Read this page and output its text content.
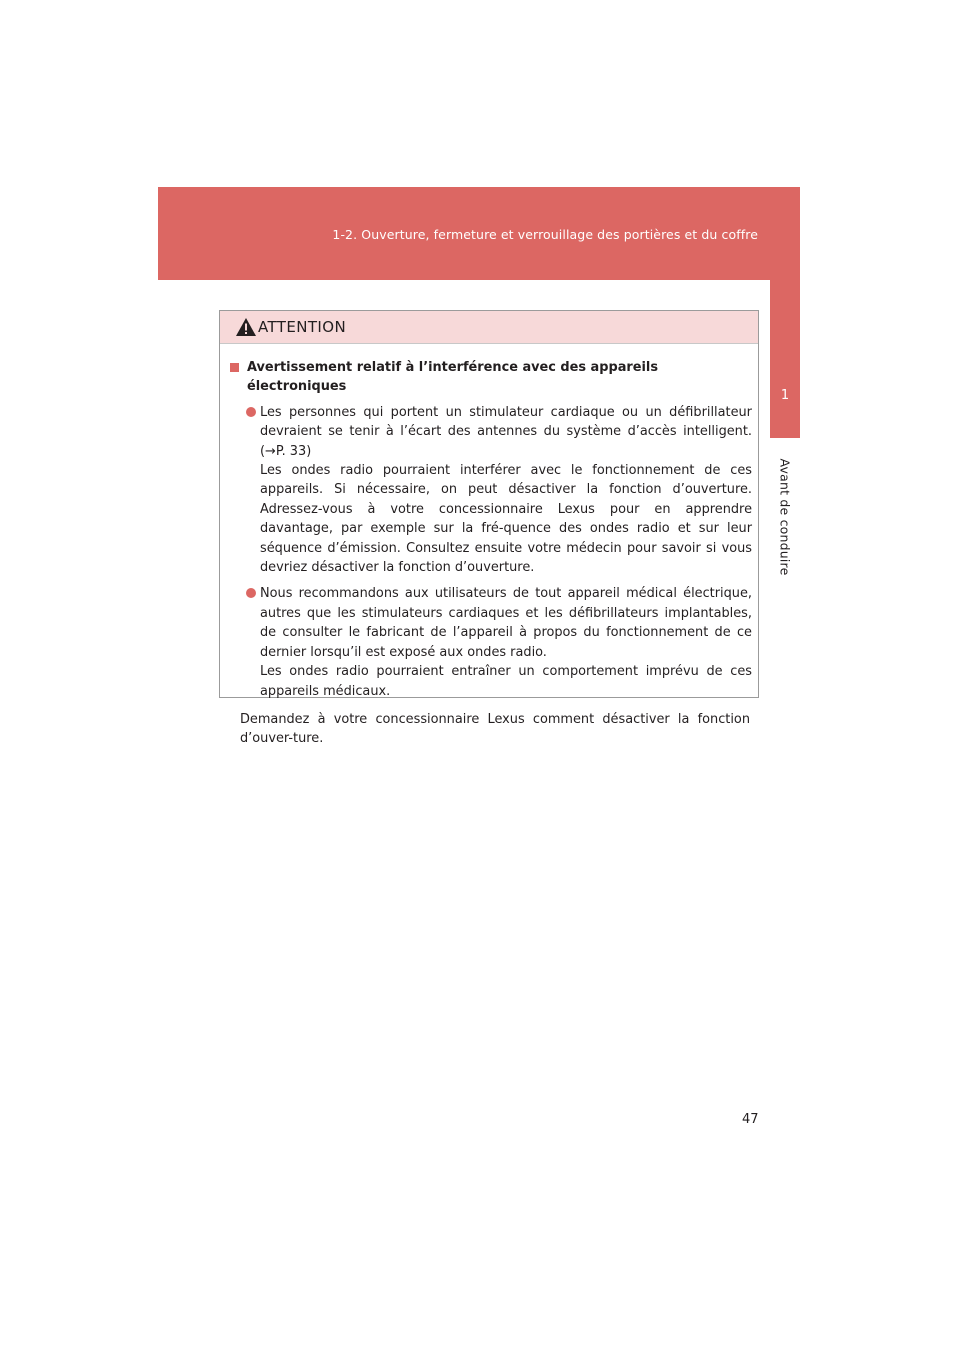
1-2. Ouverture, fermeture et verrouillage des portières et du coffre
1
Avant de conduire
ATTENTION
Avertissement relatif à l’interférence avec des appareils électroniques

Les personnes qui portent un stimulateur cardiaque ou un défibrillateur devraient se tenir à l’écart des antennes du système d’accès intelligent. (→P. 33)

Les ondes radio pourraient interférer avec le fonctionnement de ces appareils. Si nécessaire, on peut désactiver la fonction d’ouverture. Adressez-vous à votre concessionnaire Lexus pour en apprendre davantage, par exemple sur la fré-quence des ondes radio et sur leur séquence d’émission. Consultez ensuite votre médecin pour savoir si vous devriez désactiver la fonction d’ouverture.

Nous recommandons aux utilisateurs de tout appareil médical électrique, autres que les stimulateurs cardiaques et les défibrillateurs implantables, de consulter le fabricant de l’appareil à propos du fonctionnement de ce dernier lorsqu’il est exposé aux ondes radio.

Les ondes radio pourraient entraîner un comportement imprévu de ces appareils médicaux.

Demandez à votre concessionnaire Lexus comment désactiver la fonction d’ouver-ture.

47
